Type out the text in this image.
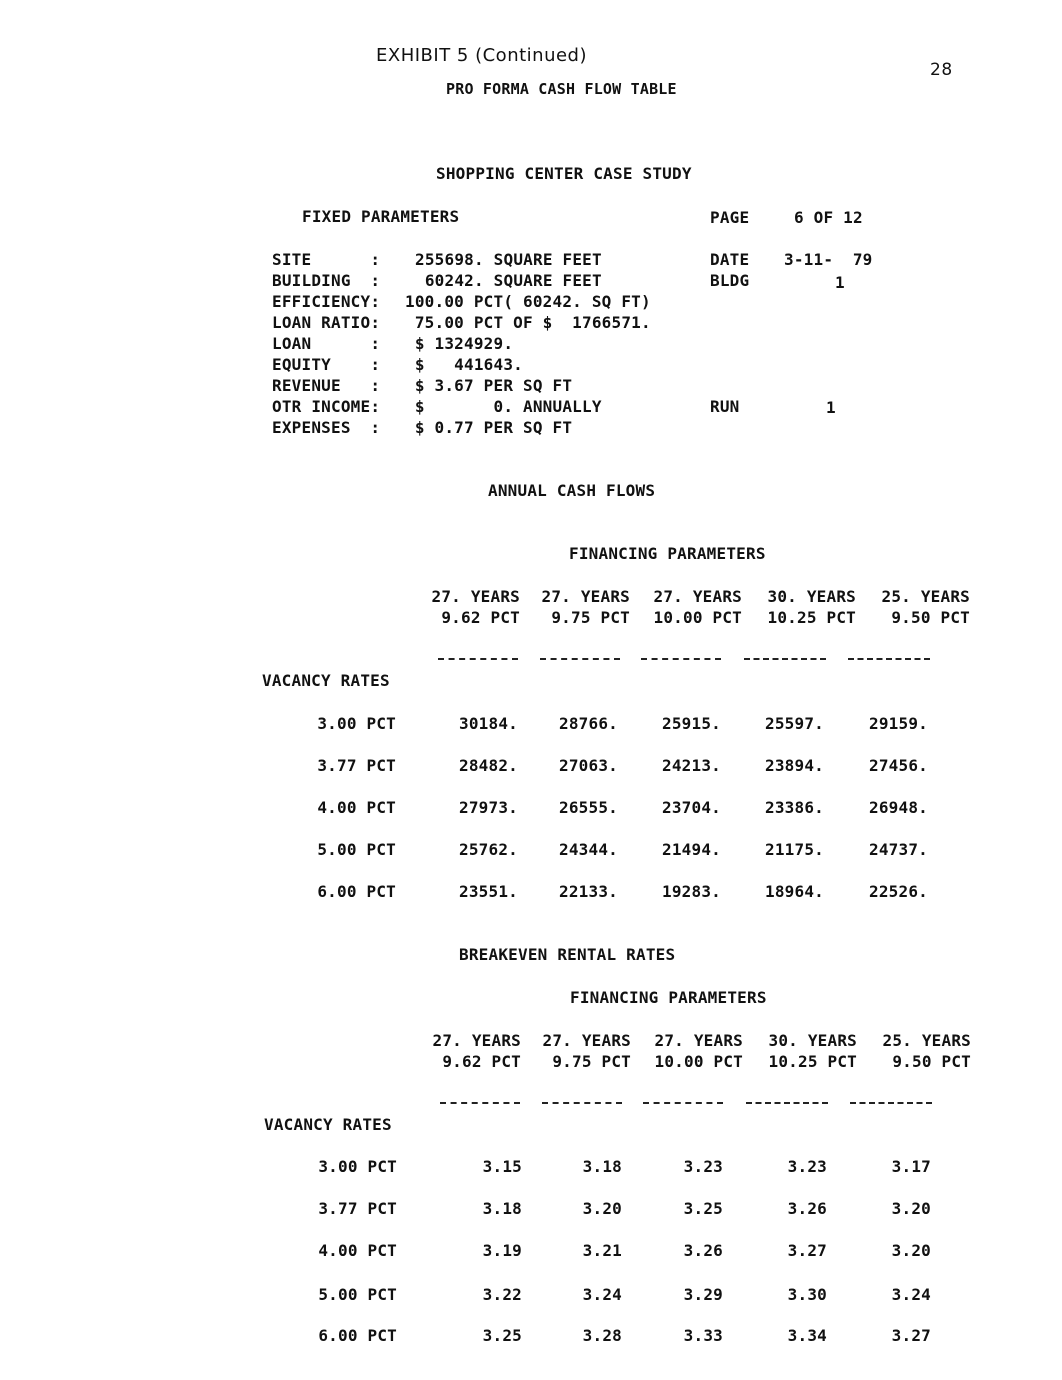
EXHIBIT 5 (Continued)
28
PRO FORMA CASH FLOW TABLE
SHOPPING CENTER CASE STUDY
FIXED PARAMETERS	PAGE	6 OF 12
SITE      : 255698. SQUARE FEET
BUILDING  : 60242. SQUARE FEET
EFFICIENCY: 100.00 PCT( 60242. SQ FT)
LOAN RATIO: 75.00 PCT OF $  1766571.
LOAN      : $ 1324929.
EQUITY    : $   441643.
REVENUE   : $ 3.67 PER SQ FT
OTR INCOME: $       0. ANNUALLY
EXPENSES  : $ 0.77 PER SQ FT
DATE 3-11-  79
BLDG	1
RUN	1
ANNUAL CASH FLOWS
FINANCING PARAMETERS
27. YEARS	27. YEARS	27. YEARS	30. YEARS	25. YEARS
9.62 PCT	9.75 PCT	10.00 PCT	10.25 PCT	9.50 PCT
VACANCY RATES
3.00 PCT	30184.	28766.	25915.	25597.	29159.
3.77 PCT	28482.	27063.	24213.	23894.	27456.
4.00 PCT	27973.	26555.	23704.	23386.	26948.
5.00 PCT	25762.	24344.	21494.	21175.	24737.
6.00 PCT	23551.	22133.	19283.	18964.	22526.
BREAKEVEN RENTAL RATES
FINANCING PARAMETERS
27. YEARS	27. YEARS	27. YEARS	30. YEARS	25. YEARS
9.62 PCT	9.75 PCT	10.00 PCT	10.25 PCT	9.50 PCT
VACANCY RATES
3.00 PCT	3.15	3.18	3.23	3.23	3.17
3.77 PCT	3.18	3.20	3.25	3.26	3.20
4.00 PCT	3.19	3.21	3.26	3.27	3.20
5.00 PCT	3.22	3.24	3.29	3.30	3.24
6.00 PCT	3.25	3.28	3.33	3.34	3.27
